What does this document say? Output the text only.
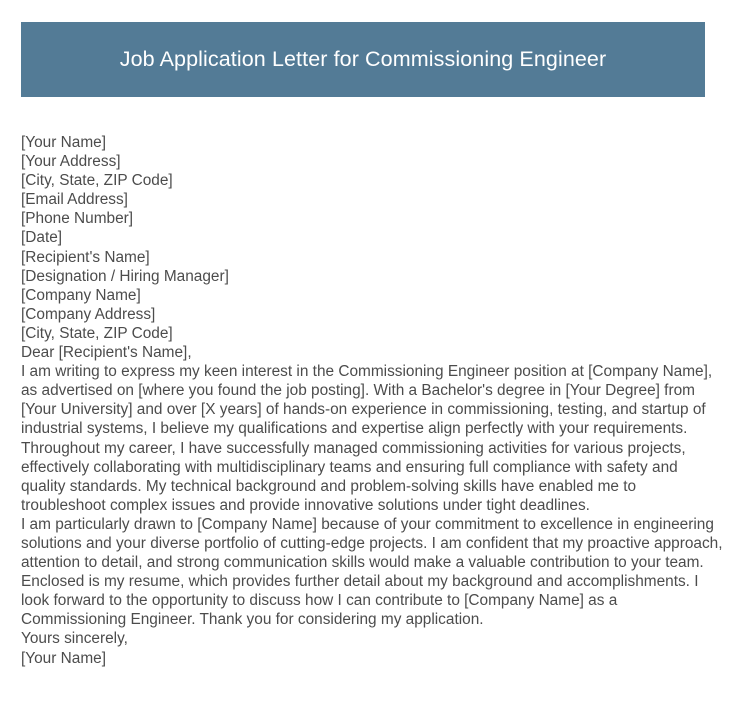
Job Application Letter for Commissioning Engineer
[Your Name]
[Your Address]
[City, State, ZIP Code]
[Email Address]
[Phone Number]
[Date]
[Recipient's Name]
[Designation / Hiring Manager]
[Company Name]
[Company Address]
[City, State, ZIP Code]
Dear [Recipient's Name],
I am writing to express my keen interest in the Commissioning Engineer position at [Company Name], as advertised on [where you found the job posting]. With a Bachelor's degree in [Your Degree] from [Your University] and over [X years] of hands-on experience in commissioning, testing, and startup of industrial systems, I believe my qualifications and expertise align perfectly with your requirements.
Throughout my career, I have successfully managed commissioning activities for various projects, effectively collaborating with multidisciplinary teams and ensuring full compliance with safety and quality standards. My technical background and problem-solving skills have enabled me to troubleshoot complex issues and provide innovative solutions under tight deadlines.
I am particularly drawn to [Company Name] because of your commitment to excellence in engineering solutions and your diverse portfolio of cutting-edge projects. I am confident that my proactive approach, attention to detail, and strong communication skills would make a valuable contribution to your team.
Enclosed is my resume, which provides further detail about my background and accomplishments. I look forward to the opportunity to discuss how I can contribute to [Company Name] as a Commissioning Engineer. Thank you for considering my application.
Yours sincerely,
[Your Name]
